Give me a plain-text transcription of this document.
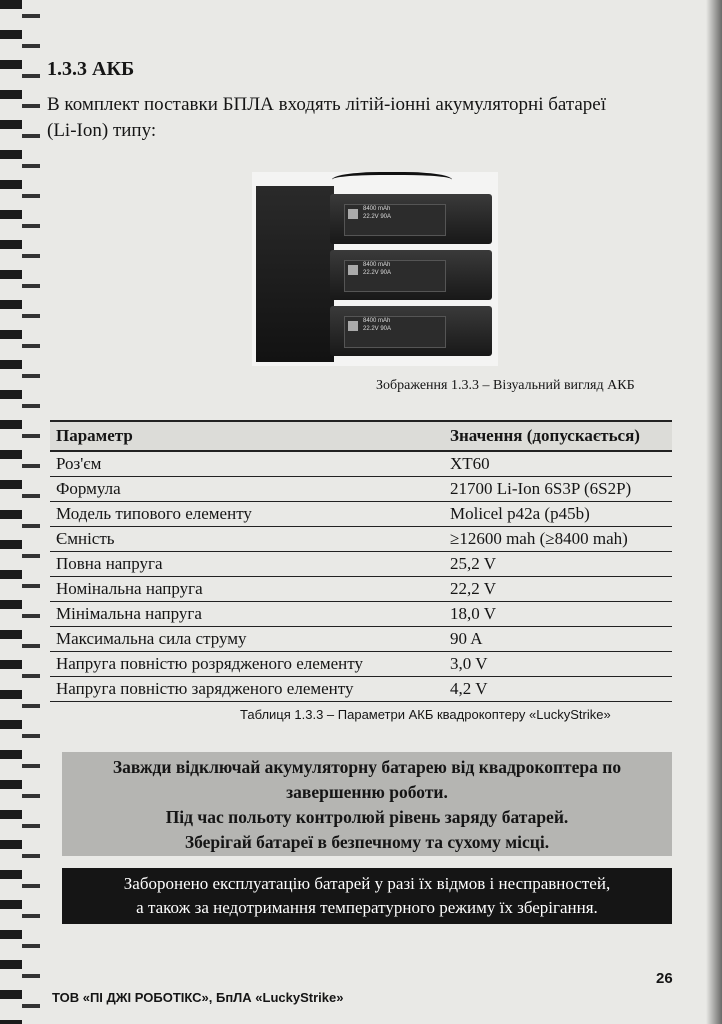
1.3.3 АКБ
В комплект поставки БПЛА входять літій-іонні акумуляторні батареї
(Li-Ion) типу:
8400 mAh
22.2V 90A
8400 mAh
22.2V 90A
8400 mAh
22.2V 90A
Зображення 1.3.3 – Візуальний вигляд АКБ
Параметр	Значення (допускається)
Роз'єм	XT60
Формула	21700 Li-Ion 6S3P (6S2P)
Модель типового елементу	Molicel p42a (p45b)
Ємність	≥12600 mah (≥8400 mah)
Повна напруга	25,2 V
Номінальна напруга	22,2 V
Мінімальна напруга	18,0 V
Максимальна сила струму	90 A
Напруга повністю розрядженого елементу	3,0 V
Напруга повністю зарядженого елементу	4,2 V
Таблиця 1.3.3 – Параметри АКБ квадрокоптеру «LuckyStrike»
Завжди відключай акумуляторну батарею від квадрокоптера по
завершенню роботи.
Під час польоту контролюй рівень заряду батарей.
Зберігай батареї в безпечному та сухому місці.
Заборонено експлуатацію батарей у разі їх відмов і несправностей,
а також за недотримання температурного режиму їх зберігання.
26
ТОВ «ПІ ДЖІ РОБОТІКС», БпЛА «LuckyStrike»
